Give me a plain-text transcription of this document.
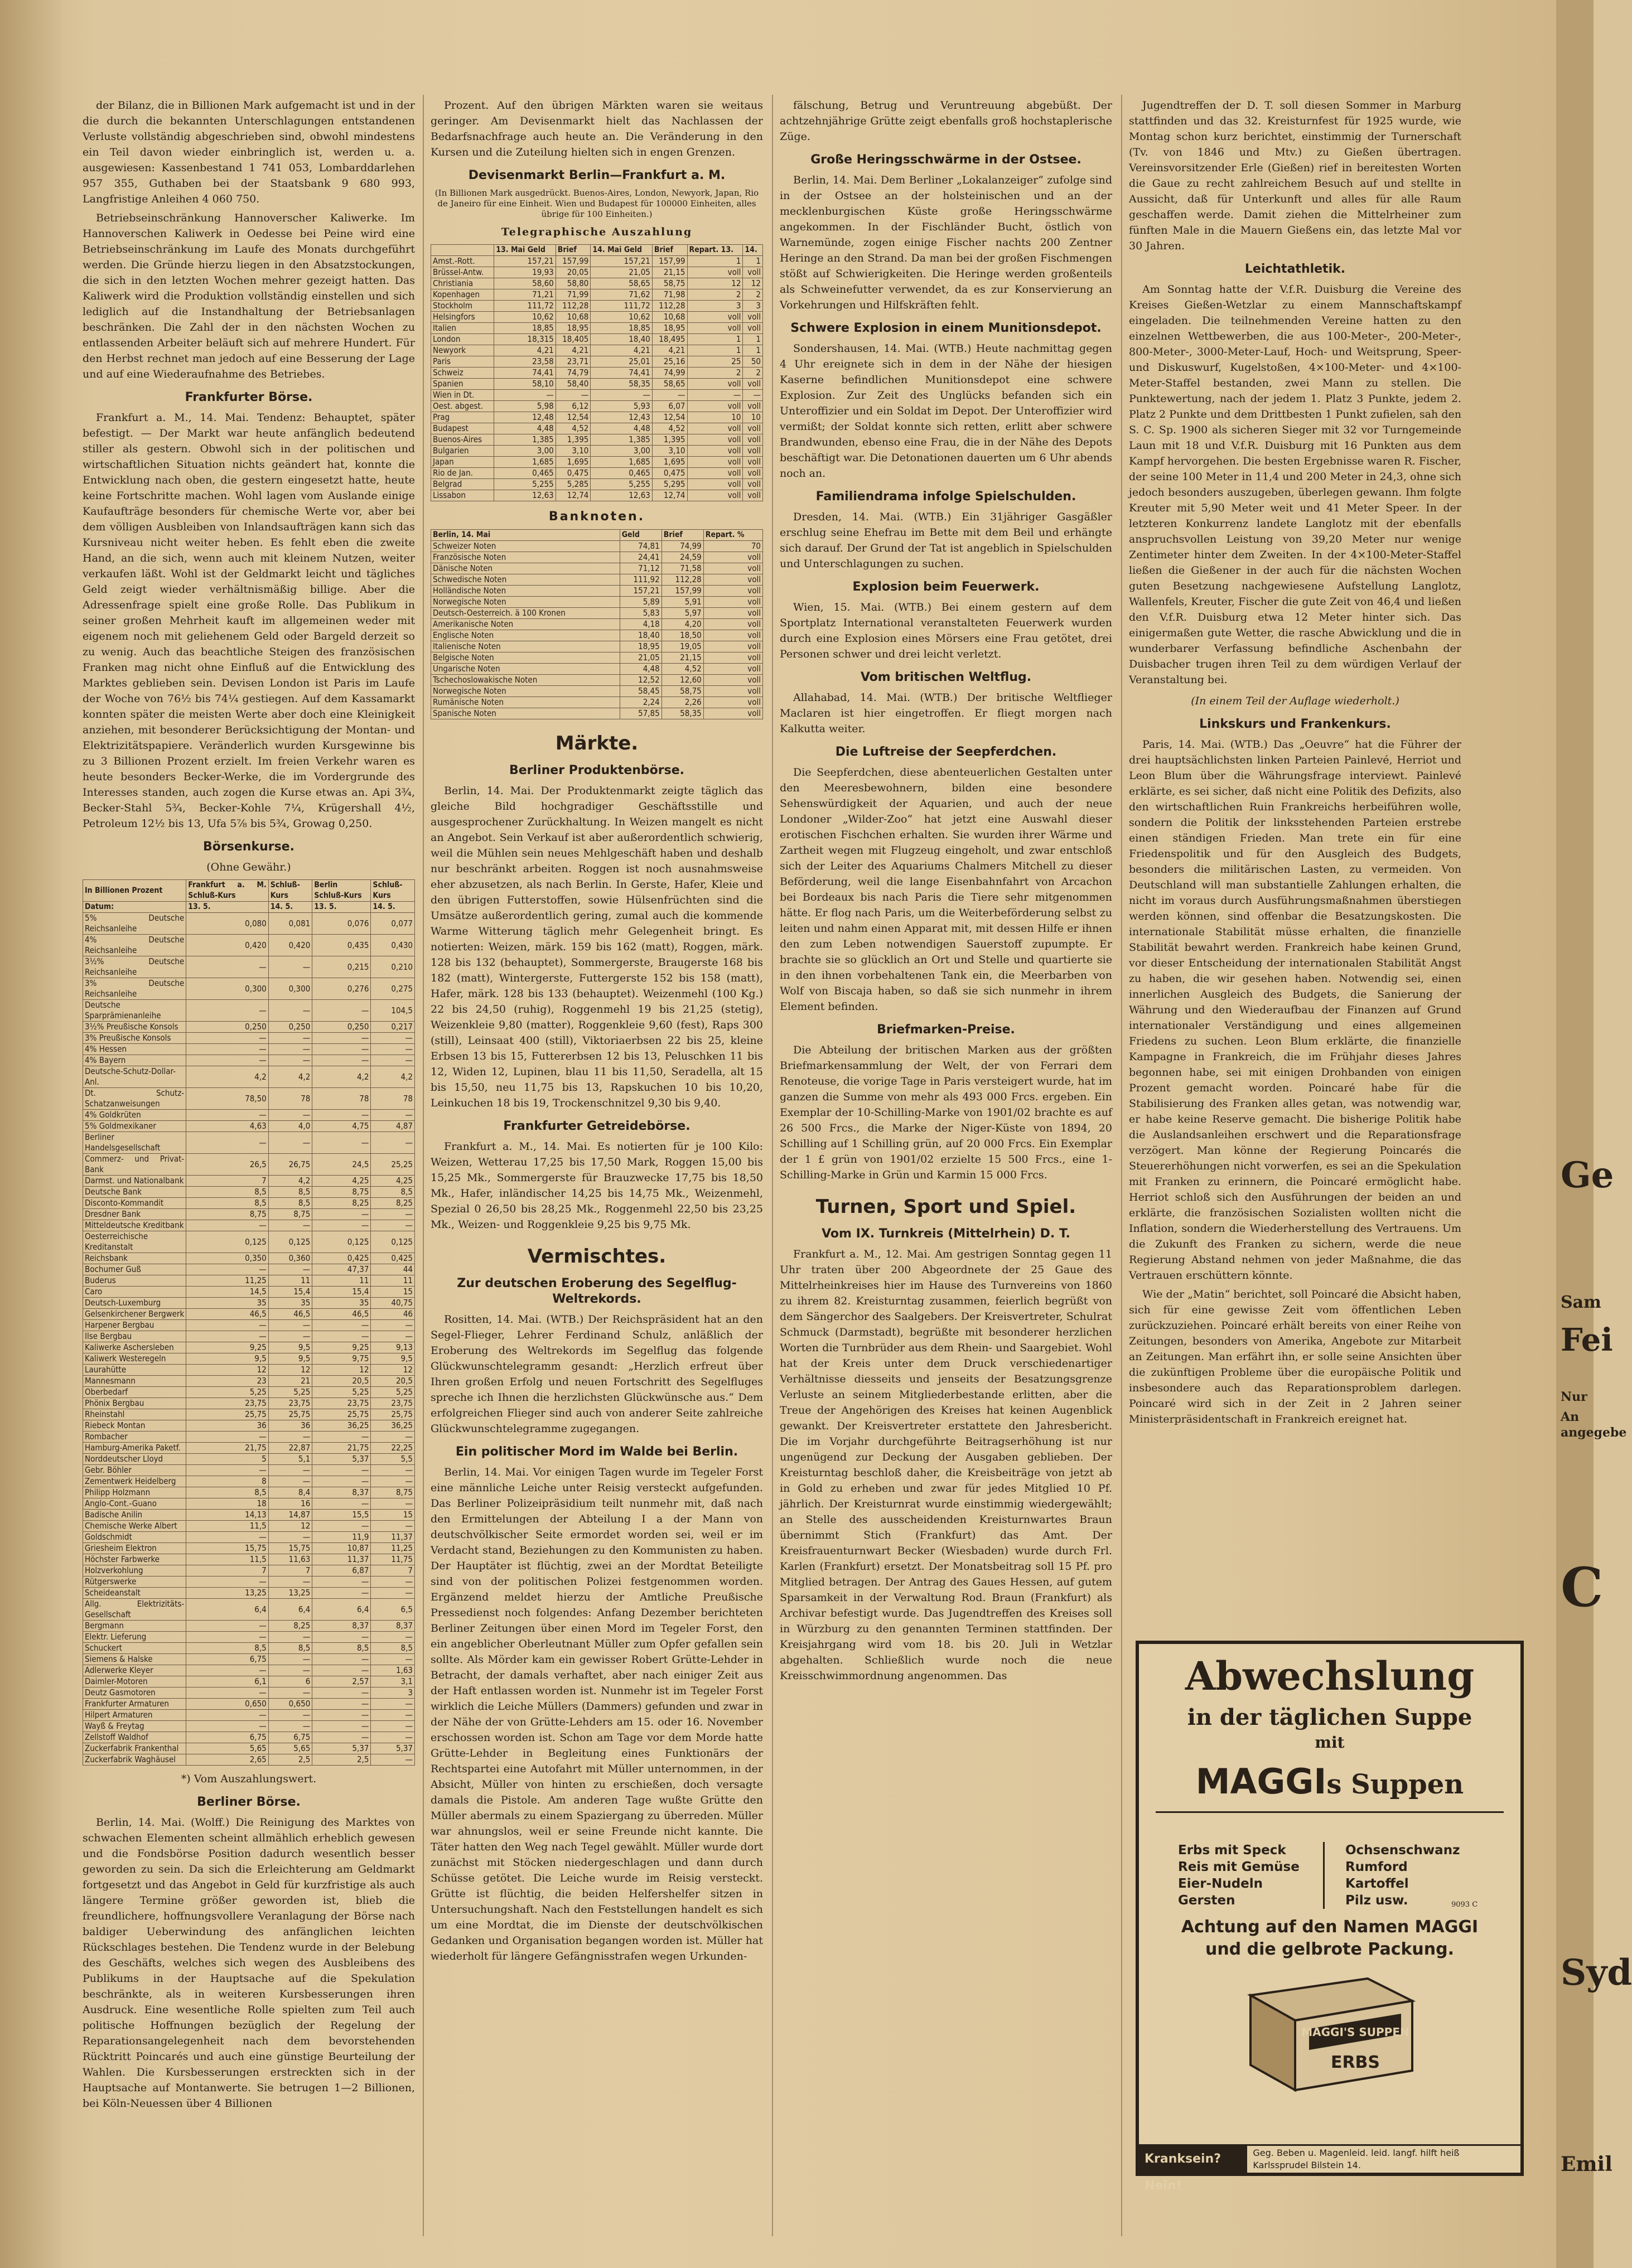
der Bilanz, die in Billionen Mark aufgemacht ist und in der die durch die bekannten Unterschlagungen entstandenen Verluste vollständig abgeschrieben sind, obwohl mindestens ein Teil davon wieder einbringlich ist, werden u. a. ausgewiesen: Kassenbestand 1 741 053, Lombarddarlehen 957 355, Guthaben bei der Staatsbank 9 680 993, Langfristige Anleihen 4 060 750.

Betriebseinschränkung Hannoverscher Kaliwerke. Im Hannoverschen Kaliwerk in Oedesse bei Peine wird eine Betriebseinschränkung im Laufe des Monats durchgeführt werden. Die Gründe hierzu liegen in den Absatzstockungen, die sich in den letzten Wochen mehrer gezeigt hatten. Das Kaliwerk wird die Produktion vollständig einstellen und sich lediglich auf die Instandhaltung der Betriebsanlagen beschränken. Die Zahl der in den nächsten Wochen zu entlassenden Arbeiter beläuft sich auf mehrere Hundert. Für den Herbst rechnet man jedoch auf eine Besserung der Lage und auf eine Wiederaufnahme des Betriebes.

Frankfurter Börse.

Frankfurt a. M., 14. Mai. Tendenz: Behauptet, später befestigt. — Der Markt war heute anfänglich bedeutend stiller als gestern. Obwohl sich in der politischen und wirtschaftlichen Situation nichts geändert hat, konnte die Entwicklung nach oben, die gestern eingesetzt hatte, heute keine Fortschritte machen. Wohl lagen vom Auslande einige Kaufaufträge besonders für chemische Werte vor, aber bei dem völligen Ausbleiben von Inlandsaufträgen kann sich das Kursniveau nicht weiter heben. Es fehlt eben die zweite Hand, an die sich, wenn auch mit kleinem Nutzen, weiter verkaufen läßt. Wohl ist der Geldmarkt leicht und tägliches Geld zeigt wieder verhältnismäßig billige. Aber die Adressenfrage spielt eine große Rolle. Das Publikum in seiner großen Mehrheit kauft im allgemeinen weder mit eigenem noch mit geliehenem Geld oder Bargeld derzeit so zu wenig. Auch das beachtliche Steigen des französischen Franken mag nicht ohne Einfluß auf die Entwicklung des Marktes geblieben sein. Devisen London ist Paris im Laufe der Woche von 76½ bis 74¼ gestiegen. Auf dem Kassamarkt konnten später die meisten Werte aber doch eine Kleinigkeit anziehen, mit besonderer Berücksichtigung der Montan- und Elektrizitätspapiere. Veränderlich wurden Kursgewinne bis zu 3 Billionen Prozent erzielt. Im freien Verkehr waren es heute besonders Becker-Werke, die im Vordergrunde des Interesses standen, auch zogen die Kurse etwas an. Api 3¾, Becker-Stahl 5¾, Becker-Kohle 7¼, Krügershall 4½, Petroleum 12½ bis 13, Ufa 5⅞ bis 5¾, Growag 0,250.

Börsenkurse.
(Ohne Gewähr.)
In Billionen Prozent	Frankfurt a. M. Schluß-Kurs	Schluß-Kurs	Berlin Schluß-Kurs	Schluß-Kurs
Datum:	13. 5.	14. 5.	13. 5.	14. 5.
5% Deutsche Reichsanleihe	0,080	0,081	0,076	0,077
4% Deutsche Reichsanleihe	0,420	0,420	0,435	0,430
3½% Deutsche Reichsanleihe	—	—	0,215	0,210
3% Deutsche Reichsanleihe	0,300	0,300	0,276	0,275
Deutsche Sparprämienanleihe	—	—	—	104,5
3½% Preußische Konsols	0,250	0,250	0,250	0,217
3% Preußische Konsols	—	—	—	—
4% Hessen	—	—	—	—
4% Bayern	—	—	—	—
Deutsche-Schutz-Dollar-Anl.	4,2	4,2	4,2	4,2
Dt. Schutz-Schatzanweisungen	78,50	78	78	78
4% Goldkrüten	—	—	—	—
5% Goldmexikaner	4,63	4,0	4,75	4,87
Berliner Handelsgesellschaft	—	—	—	—
Commerz- und Privat-Bank	26,5	26,75	24,5	25,25
Darmst. und Nationalbank	7	4,2	4,25	4,25
Deutsche Bank	8,5	8,5	8,75	8,5
Disconto-Kommandit	8,5	8,5	8,25	8,25
Dresdner Bank	8,75	8,75	—	—
Mitteldeutsche Kreditbank	—	—	—	—
Oesterreichische Kreditanstalt	0,125	0,125	0,125	0,125
Reichsbank	0,350	0,360	0,425	0,425
Bochumer Guß	—	—	47,37	44
Buderus	11,25	11	11	11
Caro	14,5	15,4	15,4	15
Deutsch-Luxemburg	35	35	35	40,75
Gelsenkirchener Bergwerk	46,5	46,5	46,5	46
Harpener Bergbau	—	—	—	—
Ilse Bergbau	—	—	—	—
Kaliwerke Aschersleben	9,25	9,5	9,25	9,13
Kaliwerk Westeregeln	9,5	9,5	9,75	9,5
Laurahütte	12	12	12	12
Mannesmann	23	21	20,5	20,5
Oberbedarf	5,25	5,25	5,25	5,25
Phönix Bergbau	23,75	23,75	23,75	23,75
Rheinstahl	25,75	25,75	25,75	25,75
Riebeck Montan	36	36	36,25	36,25
Rombacher	—	—	—	—
Hamburg-Amerika Paketf.	21,75	22,87	21,75	22,25
Norddeutscher Lloyd	5	5,1	5,37	5,5
Gebr. Böhler	—	—	—	—
Zementwerk Heidelberg	8	—	—	—
Philipp Holzmann	8,5	8,4	8,37	8,75
Anglo-Cont.-Guano	18	16	—	—
Badische Anilin	14,13	14,87	15,5	15
Chemische Werke Albert	11,5	12	—	—
Goldschmidt	—	—	11,9	11,37
Griesheim Elektron	15,75	15,75	10,87	11,25
Höchster Farbwerke	11,5	11,63	11,37	11,75
Holzverkohlung	7	7	6,87	7
Rütgerswerke	—	—	—	—
Scheideanstalt	13,25	13,25	—	—
Allg. Elektrizitäts-Gesellschaft	6,4	6,4	6,4	6,5
Bergmann	—	8,25	8,37	8,37
Elektr. Lieferung	—	—	—	—
Schuckert	8,5	8,5	8,5	8,5
Siemens & Halske	6,75	—	—	—
Adlerwerke Kleyer	—	—	—	1,63
Daimler-Motoren	6,1	6	2,57	3,1
Deutz Gasmotoren	—	—	—	3
Frankfurter Armaturen	0,650	0,650	—	—
Hilpert Armaturen	—	—	—	—
Wayß & Freytag	—	—	—	—
Zellstoff Waldhof	6,75	6,75	—	—
Zuckerfabrik Frankenthal	5,65	5,65	5,37	5,37
Zuckerfabrik Waghäusel	2,65	2,5	2,5	—
*) Vom Auszahlungswert.
Berliner Börse.

Berlin, 14. Mai. (Wolff.) Die Reinigung des Marktes von schwachen Elementen scheint allmählich erheblich gewesen und die Fondsbörse Position dadurch wesentlich besser geworden zu sein. Da sich die Erleichterung am Geldmarkt fortgesetzt und das Angebot in Geld für kurzfristige als auch längere Termine größer geworden ist, blieb die freundlichere, hoffnungsvollere Veranlagung der Börse nach baldiger Ueberwindung des anfänglichen leichten Rückschlages bestehen. Die Tendenz wurde in der Belebung des Geschäfts, welches sich wegen des Ausbleibens des Publikums in der Hauptsache auf die Spekulation beschränkte, als in weiteren Kursbesserungen ihren Ausdruck. Eine wesentliche Rolle spielten zum Teil auch politische Hoffnungen bezüglich der Regelung der Reparationsangelegenheit nach dem bevorstehenden Rücktritt Poincarés und auch eine günstige Beurteilung der Wahlen. Die Kursbesserungen erstreckten sich in der Hauptsache auf Montanwerte. Sie betrugen 1—2 Billionen, bei Köln-Neuessen über 4 Billionen

Prozent. Auf den übrigen Märkten waren sie weitaus geringer. Am Devisenmarkt hielt das Nachlassen der Bedarfsnachfrage auch heute an. Die Veränderung in den Kursen und die Zuteilung hielten sich in engen Grenzen.

Devisenmarkt Berlin—Frankfurt a. M.
(In Billionen Mark ausgedrückt. Buenos-Aires, London, Newyork, Japan, Rio de Janeiro für eine Einheit. Wien und Budapest für 100000 Einheiten, alles übrige für 100 Einheiten.)
Telegraphische Auszahlung
	13. Mai Geld	Brief	14. Mai Geld	Brief	Repart. 13.	14.
Amst.-Rott.	157,21	157,99	157,21	157,99	1	1
Brüssel-Antw.	19,93	20,05	21,05	21,15	voll	voll
Christiania	58,60	58,80	58,65	58,75	12	12
Kopenhagen	71,21	71,99	71,62	71,98	2	2
Stockholm	111,72	112,28	111,72	112,28	3	3
Helsingfors	10,62	10,68	10,62	10,68	voll	voll
Italien	18,85	18,95	18,85	18,95	voll	voll
London	18,315	18,405	18,40	18,495	1	1
Newyork	4,21	4,21	4,21	4,21	1	1
Paris	23,58	23,71	25,01	25,16	25	50
Schweiz	74,41	74,79	74,41	74,99	2	2
Spanien	58,10	58,40	58,35	58,65	voll	voll
Wien in Dt.	—	—	—	—	—	—
Oest. abgest.	5,98	6,12	5,93	6,07	voll	voll
Prag	12,48	12,54	12,43	12,54	10	10
Budapest	4,48	4,52	4,48	4,52	voll	voll
Buenos-Aires	1,385	1,395	1,385	1,395	voll	voll
Bulgarien	3,00	3,10	3,00	3,10	voll	voll
Japan	1,685	1,695	1,685	1,695	voll	voll
Rio de Jan.	0,465	0,475	0,465	0,475	voll	voll
Belgrad	5,255	5,285	5,255	5,295	voll	voll
Lissabon	12,63	12,74	12,63	12,74	voll	voll
Banknoten.
Berlin, 14. Mai	Geld	Brief	Repart. %
Schweizer Noten	74,81	74,99	70
Französische Noten	24,41	24,59	voll
Dänische Noten	71,12	71,58	voll
Schwedische Noten	111,92	112,28	voll
Holländische Noten	157,21	157,99	voll
Norwegische Noten	5,89	5,91	voll
Deutsch-Oesterreich. ä 100 Kronen	5,83	5,97	voll
Amerikanische Noten	4,18	4,20	voll
Englische Noten	18,40	18,50	voll
Italienische Noten	18,95	19,05	voll
Belgische Noten	21,05	21,15	voll
Ungarische Noten	4,48	4,52	voll
Tschechoslowakische Noten	12,52	12,60	voll
Norwegische Noten	58,45	58,75	voll
Rumänische Noten	2,24	2,26	voll
Spanische Noten	57,85	58,35	voll
Märkte.
Berliner Produktenbörse.

Berlin, 14. Mai. Der Produktenmarkt zeigte täglich das gleiche Bild hochgradiger Geschäftsstille und ausgesprochener Zurückhaltung. In Weizen mangelt es nicht an Angebot. Sein Verkauf ist aber außerordentlich schwierig, weil die Mühlen sein neues Mehlgeschäft haben und deshalb nur beschränkt arbeiten. Roggen ist noch ausnahmsweise eher abzusetzen, als nach Berlin. In Gerste, Hafer, Kleie und den übrigen Futterstoffen, sowie Hülsenfrüchten sind die Umsätze außerordentlich gering, zumal auch die kommende Warme Witterung täglich mehr Gelegenheit bringt. Es notierten: Weizen, märk. 159 bis 162 (matt), Roggen, märk. 128 bis 132 (behauptet), Sommergerste, Braugerste 168 bis 182 (matt), Wintergerste, Futtergerste 152 bis 158 (matt), Hafer, märk. 128 bis 133 (behauptet). Weizenmehl (100 Kg.) 22 bis 24,50 (ruhig), Roggenmehl 19 bis 21,25 (stetig), Weizenkleie 9,80 (matter), Roggenkleie 9,60 (fest), Raps 300 (still), Leinsaat 400 (still), Viktoriaerbsen 22 bis 25, kleine Erbsen 13 bis 15, Futtererbsen 12 bis 13, Peluschken 11 bis 12, Widen 12, Lupinen, blau 11 bis 11,50, Seradella, alt 15 bis 15,50, neu 11,75 bis 13, Rapskuchen 10 bis 10,20, Leinkuchen 18 bis 19, Trockenschnitzel 9,30 bis 9,40.

Frankfurter Getreidebörse.

Frankfurt a. M., 14. Mai. Es notierten für je 100 Kilo: Weizen, Wetterau 17,25 bis 17,50 Mark, Roggen 15,00 bis 15,25 Mk., Sommergerste für Brauzwecke 17,75 bis 18,50 Mk., Hafer, inländischer 14,25 bis 14,75 Mk., Weizenmehl, Spezial 0 26,50 bis 28,25 Mk., Roggenmehl 22,50 bis 23,25 Mk., Weizen- und Roggenkleie 9,25 bis 9,75 Mk.

Vermischtes.
Zur deutschen Eroberung des Segelflug-Weltrekords.

Rositten, 14. Mai. (WTB.) Der Reichspräsident hat an den Segel-Flieger, Lehrer Ferdinand Schulz, anläßlich der Eroberung des Weltrekords im Segelflug das folgende Glückwunschtelegramm gesandt: „Herzlich erfreut über Ihren großen Erfolg und neuen Fortschritt des Segelfluges spreche ich Ihnen die herzlichsten Glückwünsche aus.“ Dem erfolgreichen Flieger sind auch von anderer Seite zahlreiche Glückwunschtelegramme zugegangen.

Ein politischer Mord im Walde bei Berlin.

Berlin, 14. Mai. Vor einigen Tagen wurde im Tegeler Forst eine männliche Leiche unter Reisig versteckt aufgefunden. Das Berliner Polizeipräsidium teilt nunmehr mit, daß nach den Ermittelungen der Abteilung I a der Mann von deutschvölkischer Seite ermordet worden sei, weil er im Verdacht stand, Beziehungen zu den Kommunisten zu haben. Der Hauptäter ist flüchtig, zwei an der Mordtat Beteiligte sind von der politischen Polizei festgenommen worden. Ergänzend meldet hierzu der Amtliche Preußische Pressedienst noch folgendes: Anfang Dezember berichteten Berliner Zeitungen über einen Mord im Tegeler Forst, den ein angeblicher Oberleutnant Müller zum Opfer gefallen sein sollte. Als Mörder kam ein gewisser Robert Grütte-Lehder in Betracht, der damals verhaftet, aber nach einiger Zeit aus der Haft entlassen worden ist. Nunmehr ist im Tegeler Forst wirklich die Leiche Müllers (Dammers) gefunden und zwar in der Nähe der von Grütte-Lehders am 15. oder 16. November erschossen worden ist. Schon am Tage vor dem Morde hatte Grütte-Lehder in Begleitung eines Funktionärs der Rechtspartei eine Autofahrt mit Müller unternommen, in der Absicht, Müller von hinten zu erschießen, doch versagte damals die Pistole. Am anderen Tage wußte Grütte den Müller abermals zu einem Spaziergang zu überreden. Müller war ahnungslos, weil er seine Freunde nicht kannte. Die Täter hatten den Weg nach Tegel gewählt. Müller wurde dort zunächst mit Stöcken niedergeschlagen und dann durch Schüsse getötet. Die Leiche wurde im Reisig versteckt. Grütte ist flüchtig, die beiden Helfershelfer sitzen in Untersuchungshaft. Nach den Feststellungen handelt es sich um eine Mordtat, die im Dienste der deutschvölkischen Gedanken und Organisation begangen worden ist. Müller hat wiederholt für längere Gefängnisstrafen wegen Urkunden-

fälschung, Betrug und Veruntreuung abgebüßt. Der achtzehnjährige Grütte zeigt ebenfalls groß hochstaplerische Züge.

Große Heringsschwärme in der Ostsee.

Berlin, 14. Mai. Dem Berliner „Lokalanzeiger“ zufolge sind in der Ostsee an der holsteinischen und an der mecklenburgischen Küste große Heringsschwärme angekommen. In der Fischländer Bucht, östlich von Warnemünde, zogen einige Fischer nachts 200 Zentner Heringe an den Strand. Da man bei der großen Fischmengen stößt auf Schwierigkeiten. Die Heringe werden großenteils als Schweinefutter verwendet, da es zur Konservierung an Vorkehrungen und Hilfskräften fehlt.

Schwere Explosion in einem Munitionsdepot.

Sondershausen, 14. Mai. (WTB.) Heute nachmittag gegen 4 Uhr ereignete sich in dem in der Nähe der hiesigen Kaserne befindlichen Munitionsdepot eine schwere Explosion. Zur Zeit des Unglücks befanden sich ein Unteroffizier und ein Soldat im Depot. Der Unteroffizier wird vermißt; der Soldat konnte sich retten, erlitt aber schwere Brandwunden, ebenso eine Frau, die in der Nähe des Depots beschäftigt war. Die Detonationen dauerten um 6 Uhr abends noch an.

Familiendrama infolge Spielschulden.

Dresden, 14. Mai. (WTB.) Ein 31jähriger Gasgäßler erschlug seine Ehefrau im Bette mit dem Beil und erhängte sich darauf. Der Grund der Tat ist angeblich in Spielschulden und Unterschlagungen zu suchen.

Explosion beim Feuerwerk.

Wien, 15. Mai. (WTB.) Bei einem gestern auf dem Sportplatz International veranstalteten Feuerwerk wurden durch eine Explosion eines Mörsers eine Frau getötet, drei Personen schwer und drei leicht verletzt.

Vom britischen Weltflug.

Allahabad, 14. Mai. (WTB.) Der britische Weltflieger Maclaren ist hier eingetroffen. Er fliegt morgen nach Kalkutta weiter.

Die Luftreise der Seepferdchen.

Die Seepferdchen, diese abenteuerlichen Gestalten unter den Meeresbewohnern, bilden eine besondere Sehenswürdigkeit der Aquarien, und auch der neue Londoner „Wilder-Zoo“ hat jetzt eine Auswahl dieser erotischen Fischchen erhalten. Sie wurden ihrer Wärme und Zartheit wegen mit Flugzeug eingeholt, und zwar entschloß sich der Leiter des Aquariums Chalmers Mitchell zu dieser Beförderung, weil die lange Eisenbahnfahrt von Arcachon bei Bordeaux bis nach Paris die Tiere sehr mitgenommen hätte. Er flog nach Paris, um die Weiterbeförderung selbst zu leiten und nahm einen Apparat mit, mit dessen Hilfe er ihnen den zum Leben notwendigen Sauerstoff zupumpte. Er brachte sie so glücklich an Ort und Stelle und quartierte sie in den ihnen vorbehaltenen Tank ein, die Meerbarben von Wolf von Biscaja haben, so daß sie sich nunmehr in ihrem Element befinden.

Briefmarken-Preise.

Die Abteilung der britischen Marken aus der größten Briefmarkensammlung der Welt, der von Ferrari dem Renoteuse, die vorige Tage in Paris versteigert wurde, hat im ganzen die Summe von mehr als 493 000 Frcs. ergeben. Ein Exemplar der 10-Schilling-Marke von 1901/02 brachte es auf 26 500 Frcs., die Marke der Niger-Küste von 1894, 20 Schilling auf 1 Schilling grün, auf 20 000 Frcs. Ein Exemplar der 1 £ grün von 1901/02 erzielte 15 500 Frcs., eine 1-Schilling-Marke in Grün und Karmin 15 000 Frcs.

Turnen, Sport und Spiel.
Vom IX. Turnkreis (Mittelrhein) D. T.

Frankfurt a. M., 12. Mai. Am gestrigen Sonntag gegen 11 Uhr traten über 200 Abgeordnete der 25 Gaue des Mittelrheinkreises hier im Hause des Turnvereins von 1860 zu ihrem 82. Kreisturntag zusammen, feierlich begrüßt von dem Sängerchor des Saalgebers. Der Kreisvertreter, Schulrat Schmuck (Darmstadt), begrüßte mit besonderer herzlichen Worten die Turnbrüder aus dem Rhein- und Saargebiet. Wohl hat der Kreis unter dem Druck verschiedenartiger Verhältnisse diesseits und jenseits der Besatzungsgrenze Verluste an seinem Mitgliederbestande erlitten, aber die Treue der Angehörigen des Kreises hat keinen Augenblick gewankt. Der Kreisvertreter erstattete den Jahresbericht. Die im Vorjahr durchgeführte Beitragserhöhung ist nur ungenügend zur Deckung der Ausgaben geblieben. Der Kreisturntag beschloß daher, die Kreisbeiträge von jetzt ab in Gold zu erheben und zwar für jedes Mitglied 10 Pf. jährlich. Der Kreisturnrat wurde einstimmig wiedergewählt; an Stelle des ausscheidenden Kreisturnwartes Braun übernimmt Stich (Frankfurt) das Amt. Der Kreisfrauenturnwart Becker (Wiesbaden) wurde durch Frl. Karlen (Frankfurt) ersetzt. Der Monatsbeitrag soll 15 Pf. pro Mitglied betragen. Der Antrag des Gaues Hessen, auf gutem Sparsamkeit in der Verwaltung Rod. Braun (Frankfurt) als Archivar befestigt wurde. Das Jugendtreffen des Kreises soll in Würzburg zu den genannten Terminen stattfinden. Der Kreisjahrgang wird vom 18. bis 20. Juli in Wetzlar abgehalten. Schließlich wurde noch die neue Kreisschwimmordnung angenommen. Das

Jugendtreffen der D. T. soll diesen Sommer in Marburg stattfinden und das 32. Kreisturnfest für 1925 wurde, wie Montag schon kurz berichtet, einstimmig der Turnerschaft (Tv. von 1846 und Mtv.) zu Gießen übertragen. Vereinsvorsitzender Erle (Gießen) rief in bereitesten Worten die Gaue zu recht zahlreichem Besuch auf und stellte in Aussicht, daß für Unterkunft und alles für alle Raum geschaffen werde. Damit ziehen die Mittelrheiner zum fünften Male in die Mauern Gießens ein, das letzte Mal vor 30 Jahren.

Leichtathletik.

Am Sonntag hatte der V.f.R. Duisburg die Vereine des Kreises Gießen-Wetzlar zu einem Mannschaftskampf eingeladen. Die teilnehmenden Vereine hatten zu den einzelnen Wettbewerben, die aus 100-Meter-, 200-Meter-, 800-Meter-, 3000-Meter-Lauf, Hoch- und Weitsprung, Speer- und Diskuswurf, Kugelstoßen, 4×100-Meter- und 4×100-Meter-Staffel bestanden, zwei Mann zu stellen. Die Punktewertung, nach der jedem 1. Platz 3 Punkte, jedem 2. Platz 2 Punkte und dem Drittbesten 1 Punkt zufielen, sah den S. C. Sp. 1900 als sicheren Sieger mit 32 vor Turngemeinde Laun mit 18 und V.f.R. Duisburg mit 16 Punkten aus dem Kampf hervorgehen. Die besten Ergebnisse waren R. Fischer, der seine 100 Meter in 11,4 und 200 Meter in 24,3, ohne sich jedoch besonders auszugeben, überlegen gewann. Ihm folgte Kreuter mit 5,90 Meter weit und 41 Meter Speer. In der letzteren Konkurrenz landete Langlotz mit der ebenfalls anspruchsvollen Leistung von 39,20 Meter nur wenige Zentimeter hinter dem Zweiten. In der 4×100-Meter-Staffel ließen die Gießener in der auch für die nächsten Wochen guten Besetzung nachgewiesene Aufstellung Langlotz, Wallenfels, Kreuter, Fischer die gute Zeit von 46,4 und ließen den V.f.R. Duisburg etwa 12 Meter hinter sich. Das einigermaßen gute Wetter, die rasche Abwicklung und die in wunderbarer Verfassung befindliche Aschenbahn der Duisbacher trugen ihren Teil zu dem würdigen Verlauf der Veranstaltung bei.

(In einem Teil der Auflage wiederholt.)
Linkskurs und Frankenkurs.

Paris, 14. Mai. (WTB.) Das „Oeuvre“ hat die Führer der drei hauptsächlichsten linken Parteien Painlevé, Herriot und Leon Blum über die Währungsfrage interviewt. Painlevé erklärte, es sei sicher, daß nicht eine Politik des Defizits, also den wirtschaftlichen Ruin Frankreichs herbeiführen wolle, sondern die Politik der linksstehenden Parteien erstrebe einen ständigen Frieden. Man trete ein für eine Friedenspolitik und für den Ausgleich des Budgets, besonders die militärischen Lasten, zu vermeiden. Von Deutschland will man substantielle Zahlungen erhalten, die nicht im voraus durch Ausführungsmaßnahmen überstiegen werden können, sind offenbar die Besatzungskosten. Die internationale Stabilität müsse erhalten, die finanzielle Stabilität bewahrt werden. Frankreich habe keinen Grund, vor dieser Entscheidung der internationalen Stabilität Angst zu haben, die wir gesehen haben. Notwendig sei, einen innerlichen Ausgleich des Budgets, die Sanierung der Währung und den Wiederaufbau der Finanzen auf Grund internationaler Verständigung und eines allgemeinen Friedens zu suchen. Leon Blum erklärte, die finanzielle Kampagne in Frankreich, die im Frühjahr dieses Jahres begonnen habe, sei mit einigen Drohbanden von einigen Prozent gemacht worden. Poincaré habe für die Stabilisierung des Franken alles getan, was notwendig war, er habe keine Reserve gemacht. Die bisherige Politik habe die Auslandsanleihen erschwert und die Reparationsfrage verzögert. Man könne der Regierung Poincarés die Steuererhöhungen nicht vorwerfen, es sei an die Spekulation mit Franken zu erinnern, die Poincaré ermöglicht habe. Herriot schloß sich den Ausführungen der beiden an und erklärte, die französischen Sozialisten wollten nicht die Inflation, sondern die Wiederherstellung des Vertrauens. Um die Zukunft des Franken zu sichern, werde die neue Regierung Abstand nehmen von jeder Maßnahme, die das Vertrauen erschüttern könnte.

Wie der „Matin“ berichtet, soll Poincaré die Absicht haben, sich für eine gewisse Zeit vom öffentlichen Leben zurückzuziehen. Poincaré erhält bereits von einer Reihe von Zeitungen, besonders von Amerika, Angebote zur Mitarbeit an Zeitungen. Man erfährt ihn, er solle seine Ansichten über die zukünftigen Probleme über die europäische Politik und insbesondere auch das Reparationsproblem darlegen. Poincaré wird sich in der Zeit in 2 Jahren seiner Ministerpräsidentschaft in Frankreich ereignet hat.

Abwechslung
in der täglichen Suppe
mit
MAGGIs Suppen
Erbs mit Speck
Reis mit Gemüse
Eier-Nudeln
Gersten
Ochsenschwanz
Rumford
Kartoffel
Pilz usw.	9093 C
Achtung auf den Namen MAGGI
und die gelbrote Packung.
MAGGI'S SUPPEN
ERBS
Kranksein? Nein!
Geg. Beben u. Magenleid. leid. langf. hilft heiß Karlssprudel Bilstein 14.
Ge
Sam
Fei
Nur
An
angegebe
C
Syd
Emil
